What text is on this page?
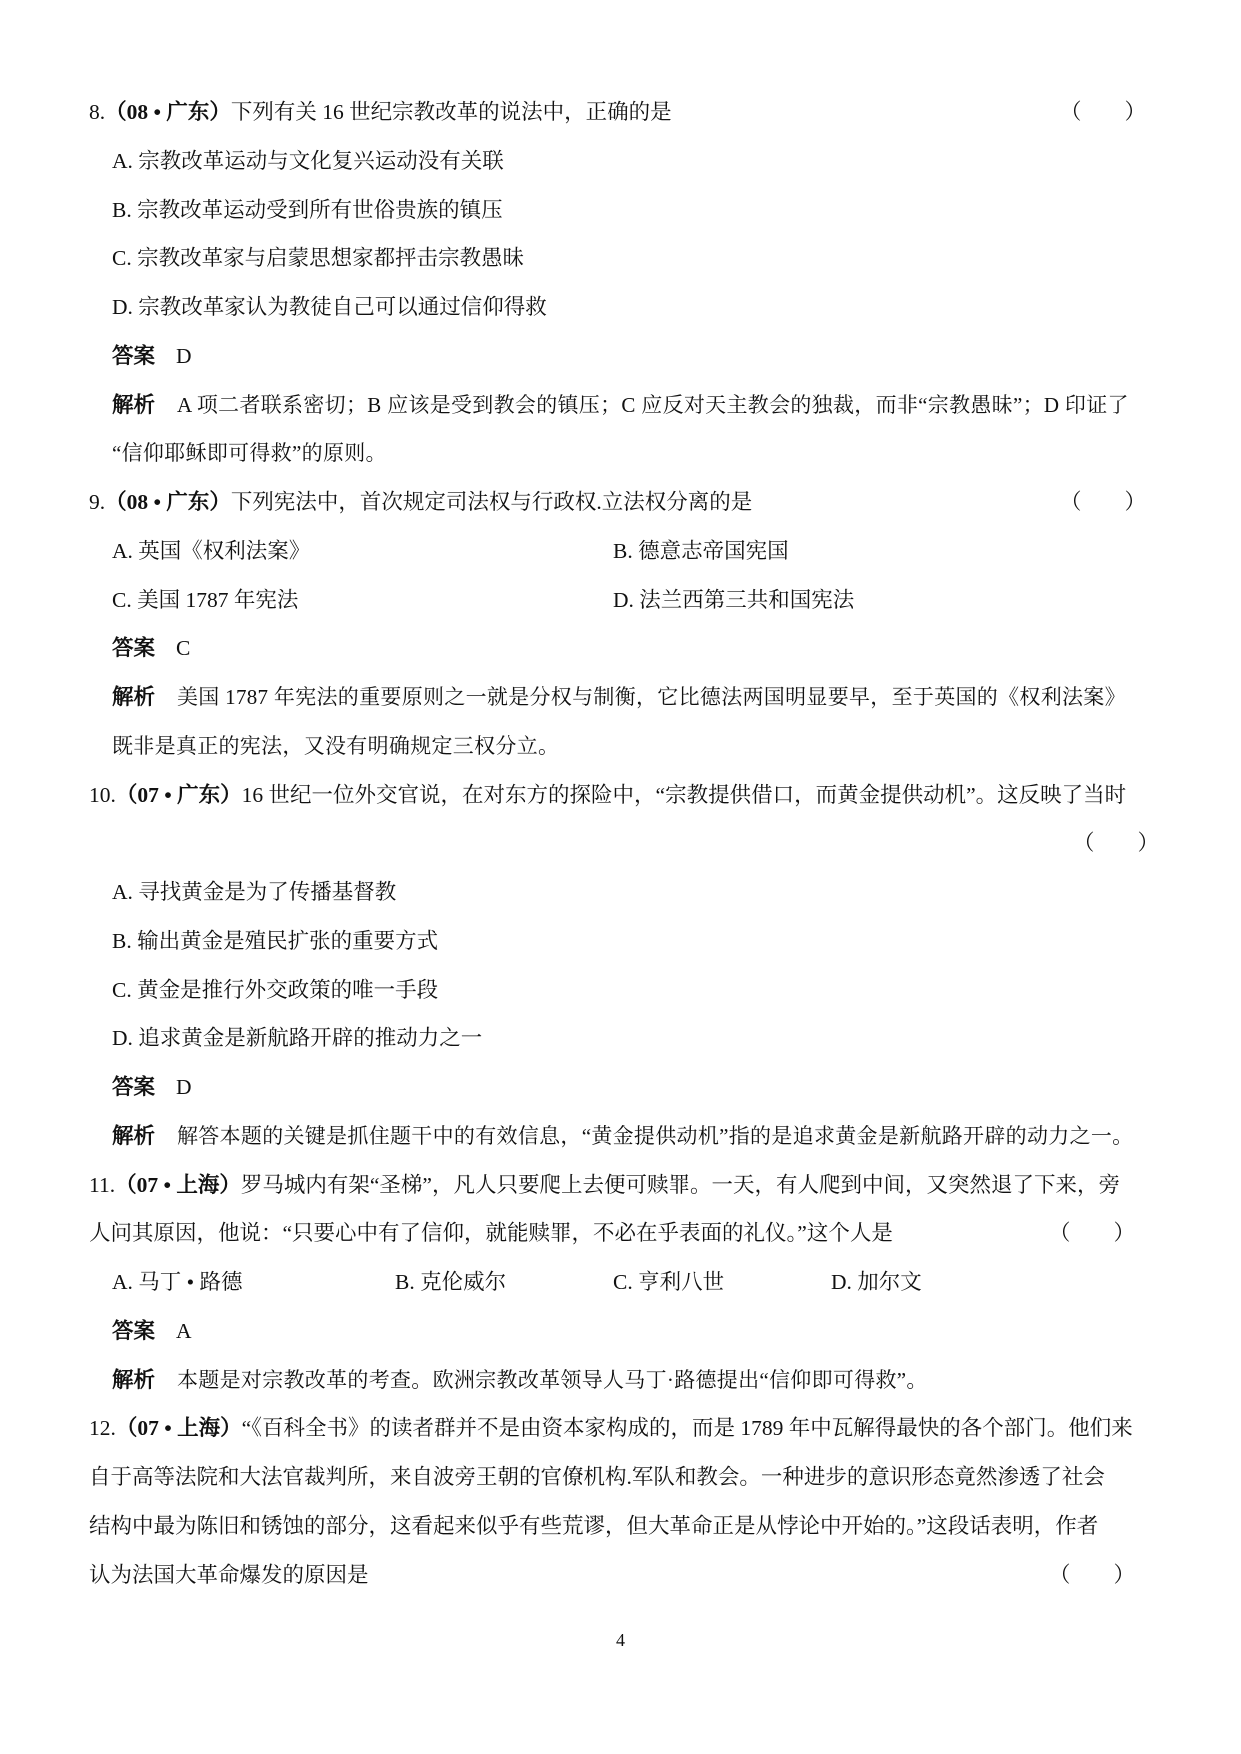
8.（08 • 广东）下列有关 16 世纪宗教改革的说法中，正确的是	（　　）
A. 宗教改革运动与文化复兴运动没有关联
B. 宗教改革运动受到所有世俗贵族的镇压
C. 宗教改革家与启蒙思想家都抨击宗教愚昧
D. 宗教改革家认为教徒自己可以通过信仰得救
答案 D
解析 A 项二者联系密切；B 应该是受到教会的镇压；C 应反对天主教会的独裁，而非“宗教愚昧”；D 印证了
“信仰耶稣即可得救”的原则。
9.（08 • 广东）下列宪法中，首次规定司法权与行政权.立法权分离的是	（　　）
A. 英国《权利法案》	B. 德意志帝国宪国
C. 美国 1787 年宪法	D. 法兰西第三共和国宪法
答案 C
解析 美国 1787 年宪法的重要原则之一就是分权与制衡，它比德法两国明显要早，至于英国的《权利法案》
既非是真正的宪法，又没有明确规定三权分立。
10.（07 • 广东）16 世纪一位外交官说，在对东方的探险中，“宗教提供借口，而黄金提供动机”。这反映了当时
（　　）
A. 寻找黄金是为了传播基督教
B. 输出黄金是殖民扩张的重要方式
C. 黄金是推行外交政策的唯一手段
D. 追求黄金是新航路开辟的推动力之一
答案 D
解析 解答本题的关键是抓住题干中的有效信息，“黄金提供动机”指的是追求黄金是新航路开辟的动力之一。
11.（07 • 上海）罗马城内有架“圣梯”，凡人只要爬上去便可赎罪。一天，有人爬到中间，又突然退了下来，旁
人问其原因，他说：“只要心中有了信仰，就能赎罪，不必在乎表面的礼仪。”这个人是	（　　）
A. 马丁 • 路德	B. 克伦威尔	C. 亨利八世	D. 加尔文
答案 A
解析 本题是对宗教改革的考查。欧洲宗教改革领导人马丁·路德提出“信仰即可得救”。
12.（07 • 上海）“《百科全书》的读者群并不是由资本家构成的，而是 1789 年中瓦解得最快的各个部门。他们来
自于高等法院和大法官裁判所，来自波旁王朝的官僚机构.军队和教会。一种进步的意识形态竟然渗透了社会
结构中最为陈旧和锈蚀的部分，这看起来似乎有些荒谬，但大革命正是从悖论中开始的。”这段话表明，作者
认为法国大革命爆发的原因是	（　　）
4
